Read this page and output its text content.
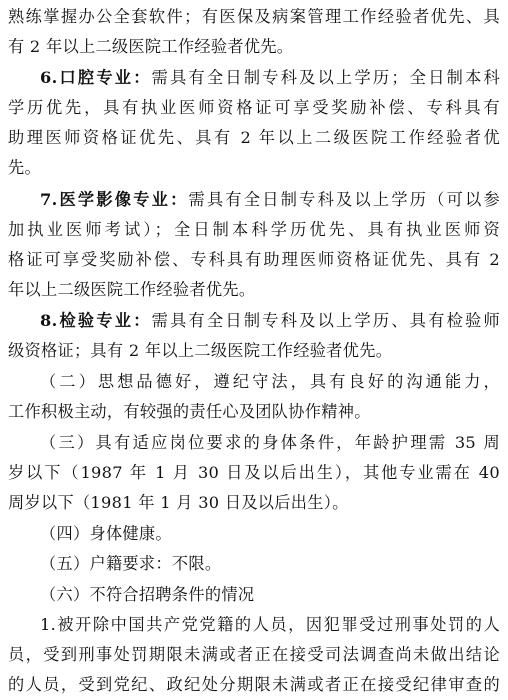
熟练掌握办公全套软件；有医保及病案管理工作经验者优先、具
有 2 年以上二级医院工作经验者优先。
6.口腔专业：需具有全日制专科及以上学历；全日制本科
学历优先，具有执业医师资格证可享受奖励补偿、专科具有
助理医师资格证优先、具有 2 年以上二级医院工作经验者优
先。
7.医学影像专业：需具有全日制专科及以上学历（可以参
加执业医师考试）；全日制本科学历优先、具有执业医师资
格证可享受奖励补偿、专科具有助理医师资格证优先、具有 2
年以上二级医院工作经验者优先。
8.检验专业：需具有全日制专科及以上学历、具有检验师
级资格证；具有 2 年以上二级医院工作经验者优先。
（二）思想品德好，遵纪守法，具有良好的沟通能力，
工作积极主动，有较强的责任心及团队协作精神。
（三）具有适应岗位要求的身体条件，年龄护理需 35 周
岁以下（1987 年 1 月 30 日及以后出生），其他专业需在 40
周岁以下（1981 年 1 月 30 日及以后出生）。
（四）身体健康。
（五）户籍要求：不限。
（六）不符合招聘条件的情况
1.被开除中国共产党党籍的人员，因犯罪受过刑事处罚的人
员，受到刑事处罚期限未满或者正在接受司法调查尚未做出结论
的人员，受到党纪、政纪处分期限未满或者正在接受纪律审查的
